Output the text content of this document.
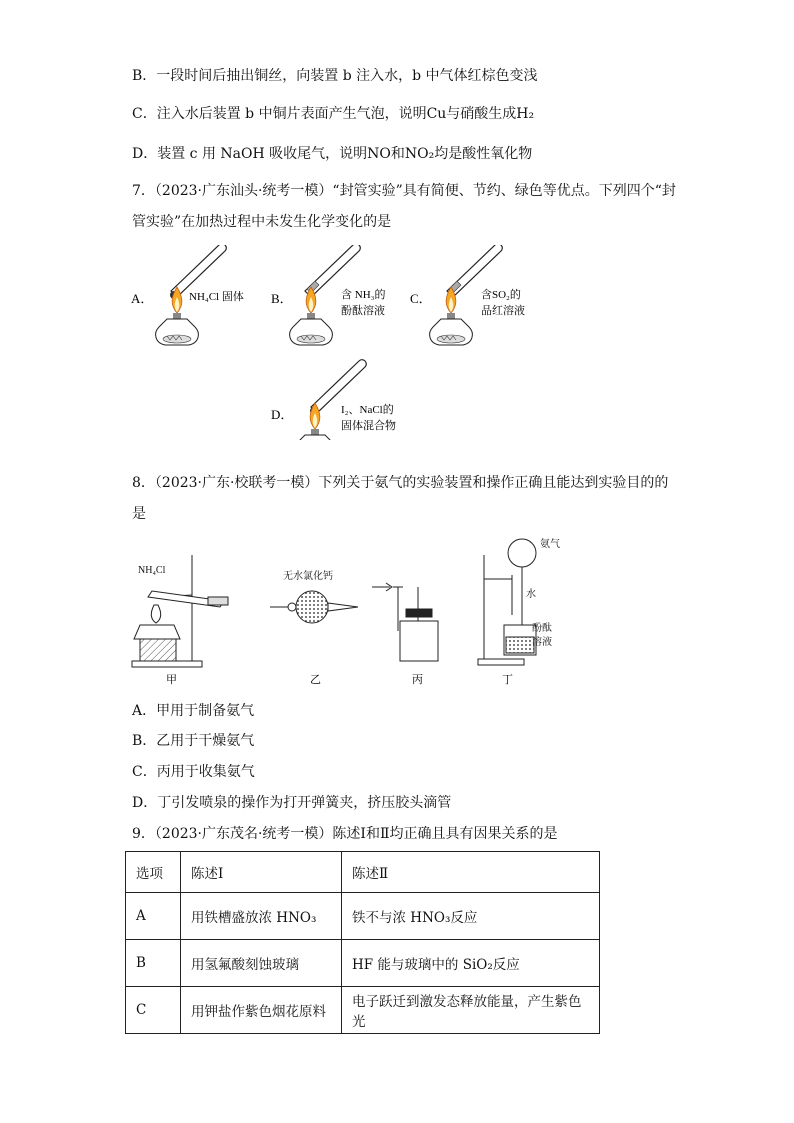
B．一段时间后抽出铜丝，向装置 b 注入水，b 中气体红棕色变浅
C．注入水后装置 b 中铜片表面产生气泡，说明Cu与硝酸生成H₂
D．装置 c 用 NaOH 吸收尾气，说明NO和NO₂均是酸性氧化物
7．（2023·广东汕头·统考一模）“封管实验”具有简便、节约、绿色等优点。下列四个“封
管实验”在加热过程中未发生化学变化的是
A．	NH₄Cl 固体 B．	含 NH₃的
酚酞溶液
C．	含SO₂的
品红溶液
D．	I₂、NaCl的
固体混合物
8．（2023·广东·校联考一模）下列关于氨气的实验装置和操作正确且能达到实验目的的
是
NH₄Cl
无水氯化钙
氨气
水
酚酞
溶液
甲	乙	丙	丁
A．甲用于制备氨气
B．乙用于干燥氨气
C．丙用于收集氨气
D．丁引发喷泉的操作为打开弹簧夹，挤压胶头滴管
9．（2023·广东茂名·统考一模）陈述Ⅰ和Ⅱ均正确且具有因果关系的是
选项	陈述Ⅰ	陈述Ⅱ
A	用铁槽盛放浓 HNO₃	铁不与浓 HNO₃反应
B	用氢氟酸刻蚀玻璃	HF 能与玻璃中的 SiO₂反应
C	用钾盐作紫色烟花原料	电子跃迁到激发态释放能量，产生紫色光
